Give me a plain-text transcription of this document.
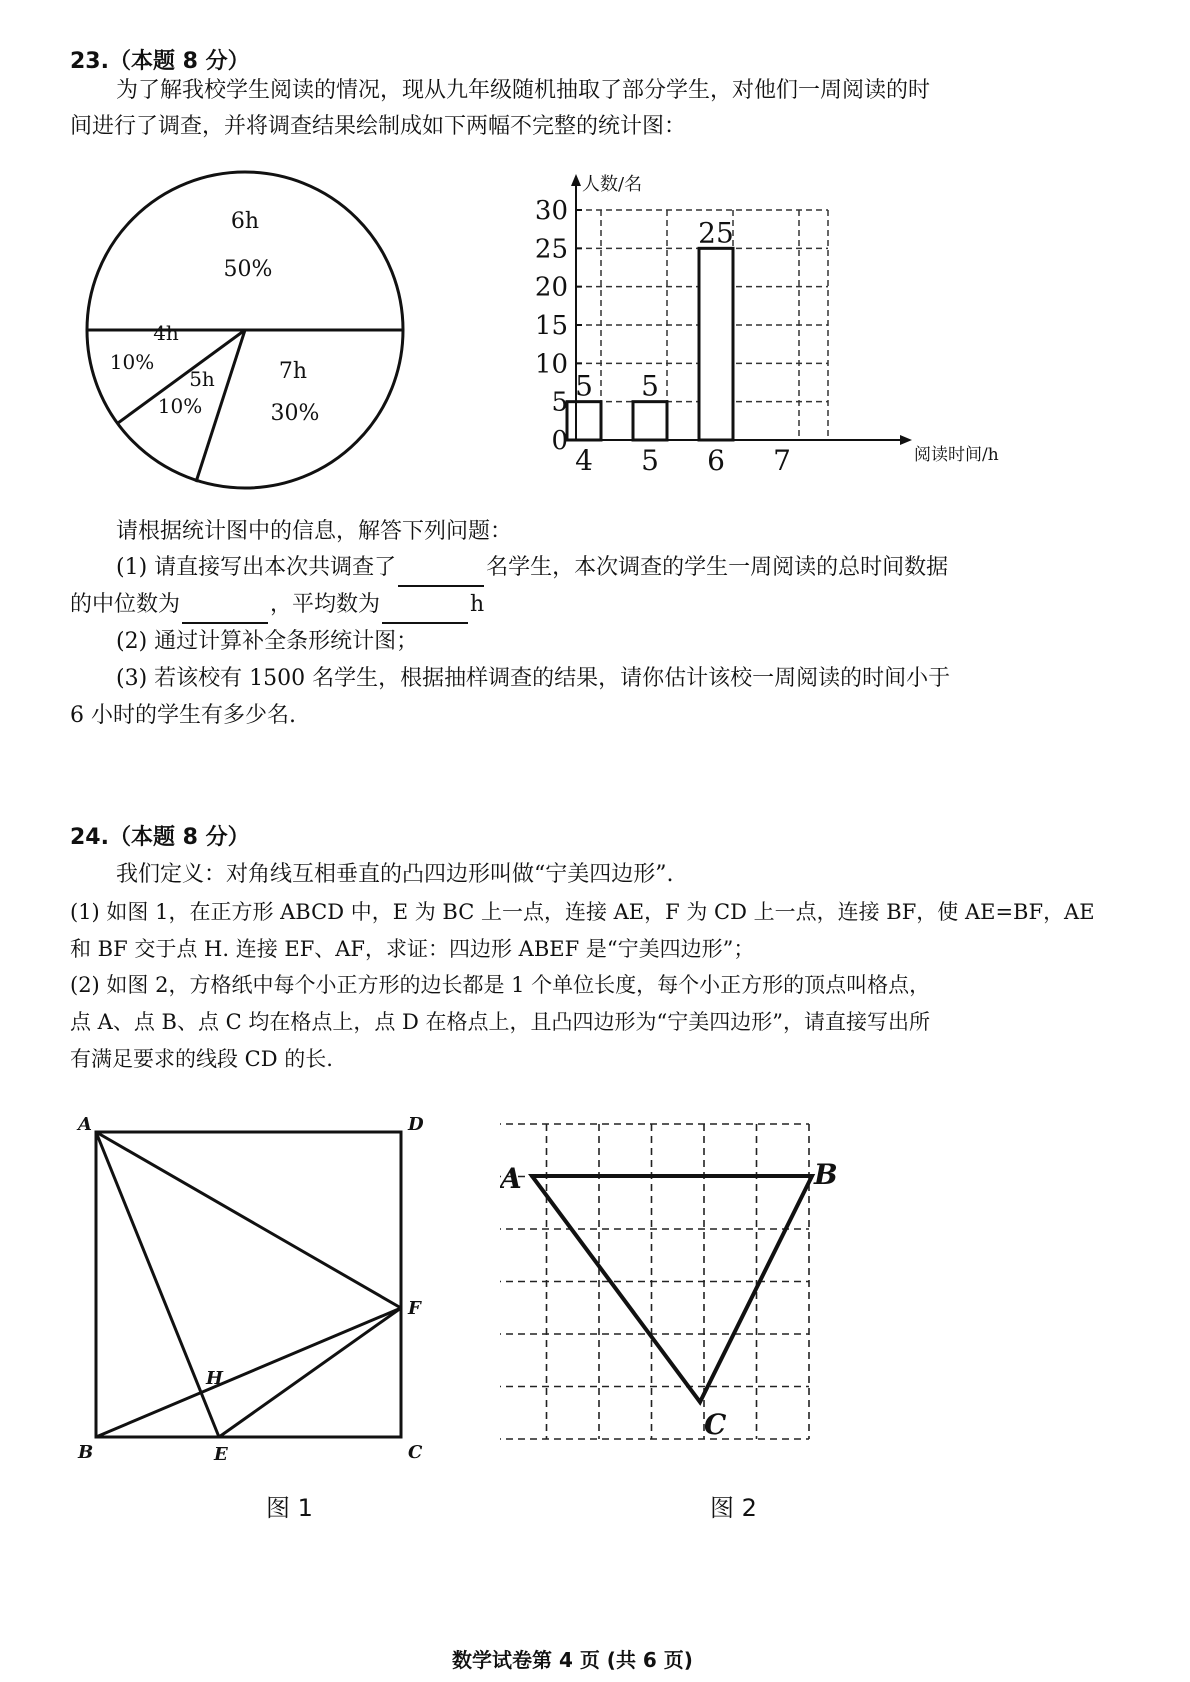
23.（本题 8 分）
为了解我校学生阅读的情况，现从九年级随机抽取了部分学生，对他们一周阅读的时
间进行了调查，并将调查结果绘制成如下两幅不完整的统计图：
6h
50%
7h
30%
5h
10%
4h
10%
5 5
25
0
5
10
15
20
25
30
4 5 6 7
人数/名
阅读时间/h
请根据统计图中的信息，解答下列问题：
(1) 请直接写出本次共调查了	名学生，本次调查的学生一周阅读的总时间数据
的中位数为	，平均数为	h
(2) 通过计算补全条形统计图；
(3) 若该校有 1500 名学生，根据抽样调查的结果，请你估计该校一周阅读的时间小于
6 小时的学生有多少名.
24.（本题 8 分）
我们定义：对角线互相垂直的凸四边形叫做“宁美四边形”.
(1) 如图 1，在正方形 ABCD 中，E 为 BC 上一点，连接 AE，F 为 CD 上一点，连接 BF，使 AE=BF，AE
和 BF 交于点 H. 连接 EF、AF，求证：四边形 ABEF 是“宁美四边形”；
(2) 如图 2，方格纸中每个小正方形的边长都是 1 个单位长度，每个小正方形的顶点叫格点，
点 A、点 B、点 C 均在格点上，点 D 在格点上，且凸四边形为“宁美四边形”，请直接写出所
有满足要求的线段 CD 的长.
A	D
F
H
B	E	C
图 1
A	B
C
图 2
数学试卷第 4 页 (共 6 页)
